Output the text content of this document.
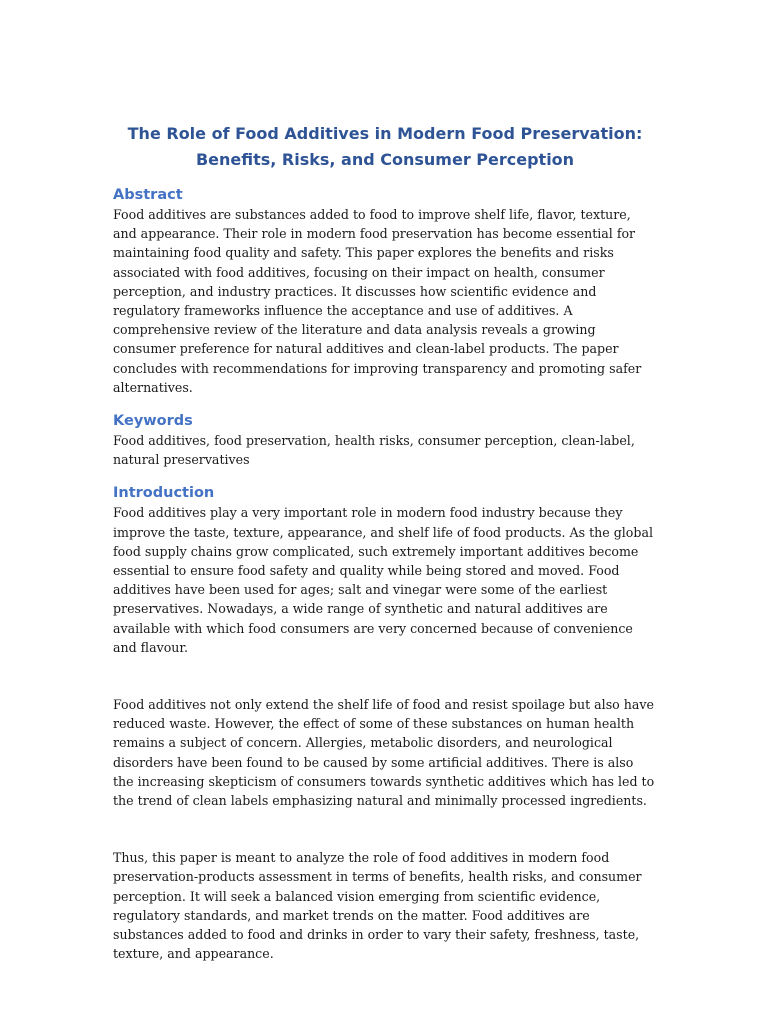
The Role of Food Additives in Modern Food Preservation: Benefits, Risks, and Consumer Perception
Abstract

Food additives are substances added to food to improve shelf life, flavor, texture, and appearance. Their role in modern food preservation has become essential for maintaining food quality and safety. This paper explores the benefits and risks associated with food additives, focusing on their impact on health, consumer perception, and industry practices. It discusses how scientific evidence and regulatory frameworks influence the acceptance and use of additives. A comprehensive review of the literature and data analysis reveals a growing consumer preference for natural additives and clean-label products. The paper concludes with recommendations for improving transparency and promoting safer alternatives.

Keywords

Food additives, food preservation, health risks, consumer perception, clean-label, natural preservatives

Introduction

Food additives play a very important role in modern food industry because they improve the taste, texture, appearance, and shelf life of food products. As the global food supply chains grow complicated, such extremely important additives become essential to ensure food safety and quality while being stored and moved. Food additives have been used for ages; salt and vinegar were some of the earliest preservatives. Nowadays, a wide range of synthetic and natural additives are available with which food consumers are very concerned because of convenience and flavour.

Food additives not only extend the shelf life of food and resist spoilage but also have reduced waste. However, the effect of some of these substances on human health remains a subject of concern. Allergies, metabolic disorders, and neurological disorders have been found to be caused by some artificial additives. There is also the increasing skepticism of consumers towards synthetic additives which has led to the trend of clean labels emphasizing natural and minimally processed ingredients.

Thus, this paper is meant to analyze the role of food additives in modern food preservation-products assessment in terms of benefits, health risks, and consumer perception. It will seek a balanced vision emerging from scientific evidence, regulatory standards, and market trends on the matter. Food additives are substances added to food and drinks in order to vary their safety, freshness, taste, texture, and appearance.
